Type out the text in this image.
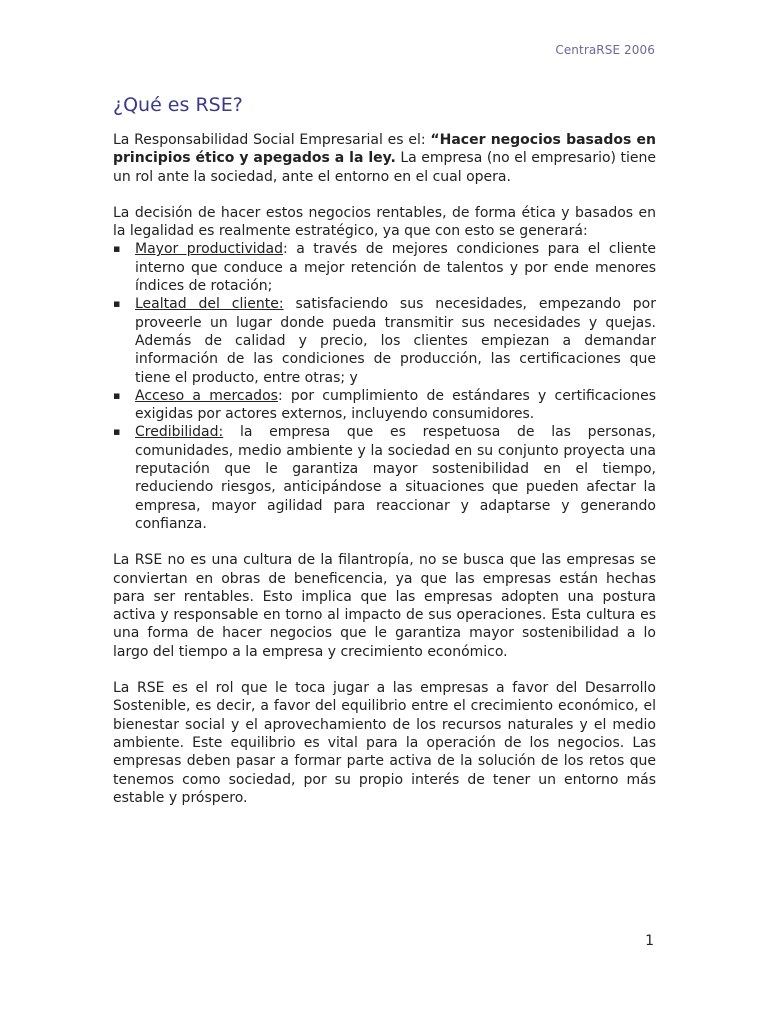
CentraRSE 2006
¿Qué es RSE?

La Responsabilidad Social Empresarial es el: “Hacer negocios basados en principios ético y apegados a la ley. La empresa (no el empresario) tiene un rol ante la sociedad, ante el entorno en el cual opera.

La decisión de hacer estos negocios rentables, de forma ética y basados en la legalidad es realmente estratégico, ya que con esto se generará:

▪	Mayor productividad: a través de mejores condiciones para el cliente interno que conduce a mejor retención de talentos y por ende menores índices de rotación;
▪	Lealtad del cliente: satisfaciendo sus necesidades, empezando por proveerle un lugar donde pueda transmitir sus necesidades y quejas. Además de calidad y precio, los clientes empiezan a demandar información de las condiciones de producción, las certificaciones que tiene el producto, entre otras; y
▪	Acceso a mercados: por cumplimiento de estándares y certificaciones exigidas por actores externos, incluyendo consumidores.
▪	Credibilidad: la empresa que es respetuosa de las personas, comunidades, medio ambiente y la sociedad en su conjunto proyecta una reputación que le garantiza mayor sostenibilidad en el tiempo, reduciendo riesgos, anticipándose a situaciones que pueden afectar la empresa, mayor agilidad para reaccionar y adaptarse y generando confianza.

La RSE no es una cultura de la filantropía, no se busca que las empresas se conviertan en obras de beneficencia, ya que las empresas están hechas para ser rentables. Esto implica que las empresas adopten una postura activa y responsable en torno al impacto de sus operaciones. Esta cultura es una forma de hacer negocios que le garantiza mayor sostenibilidad a lo largo del tiempo a la empresa y crecimiento económico.

La RSE es el rol que le toca jugar a las empresas a favor del Desarrollo Sostenible, es decir, a favor del equilibrio entre el crecimiento económico, el bienestar social y el aprovechamiento de los recursos naturales y el medio ambiente. Este equilibrio es vital para la operación de los negocios. Las empresas deben pasar a formar parte activa de la solución de los retos que tenemos como sociedad, por su propio interés de tener un entorno más estable y próspero.

1
